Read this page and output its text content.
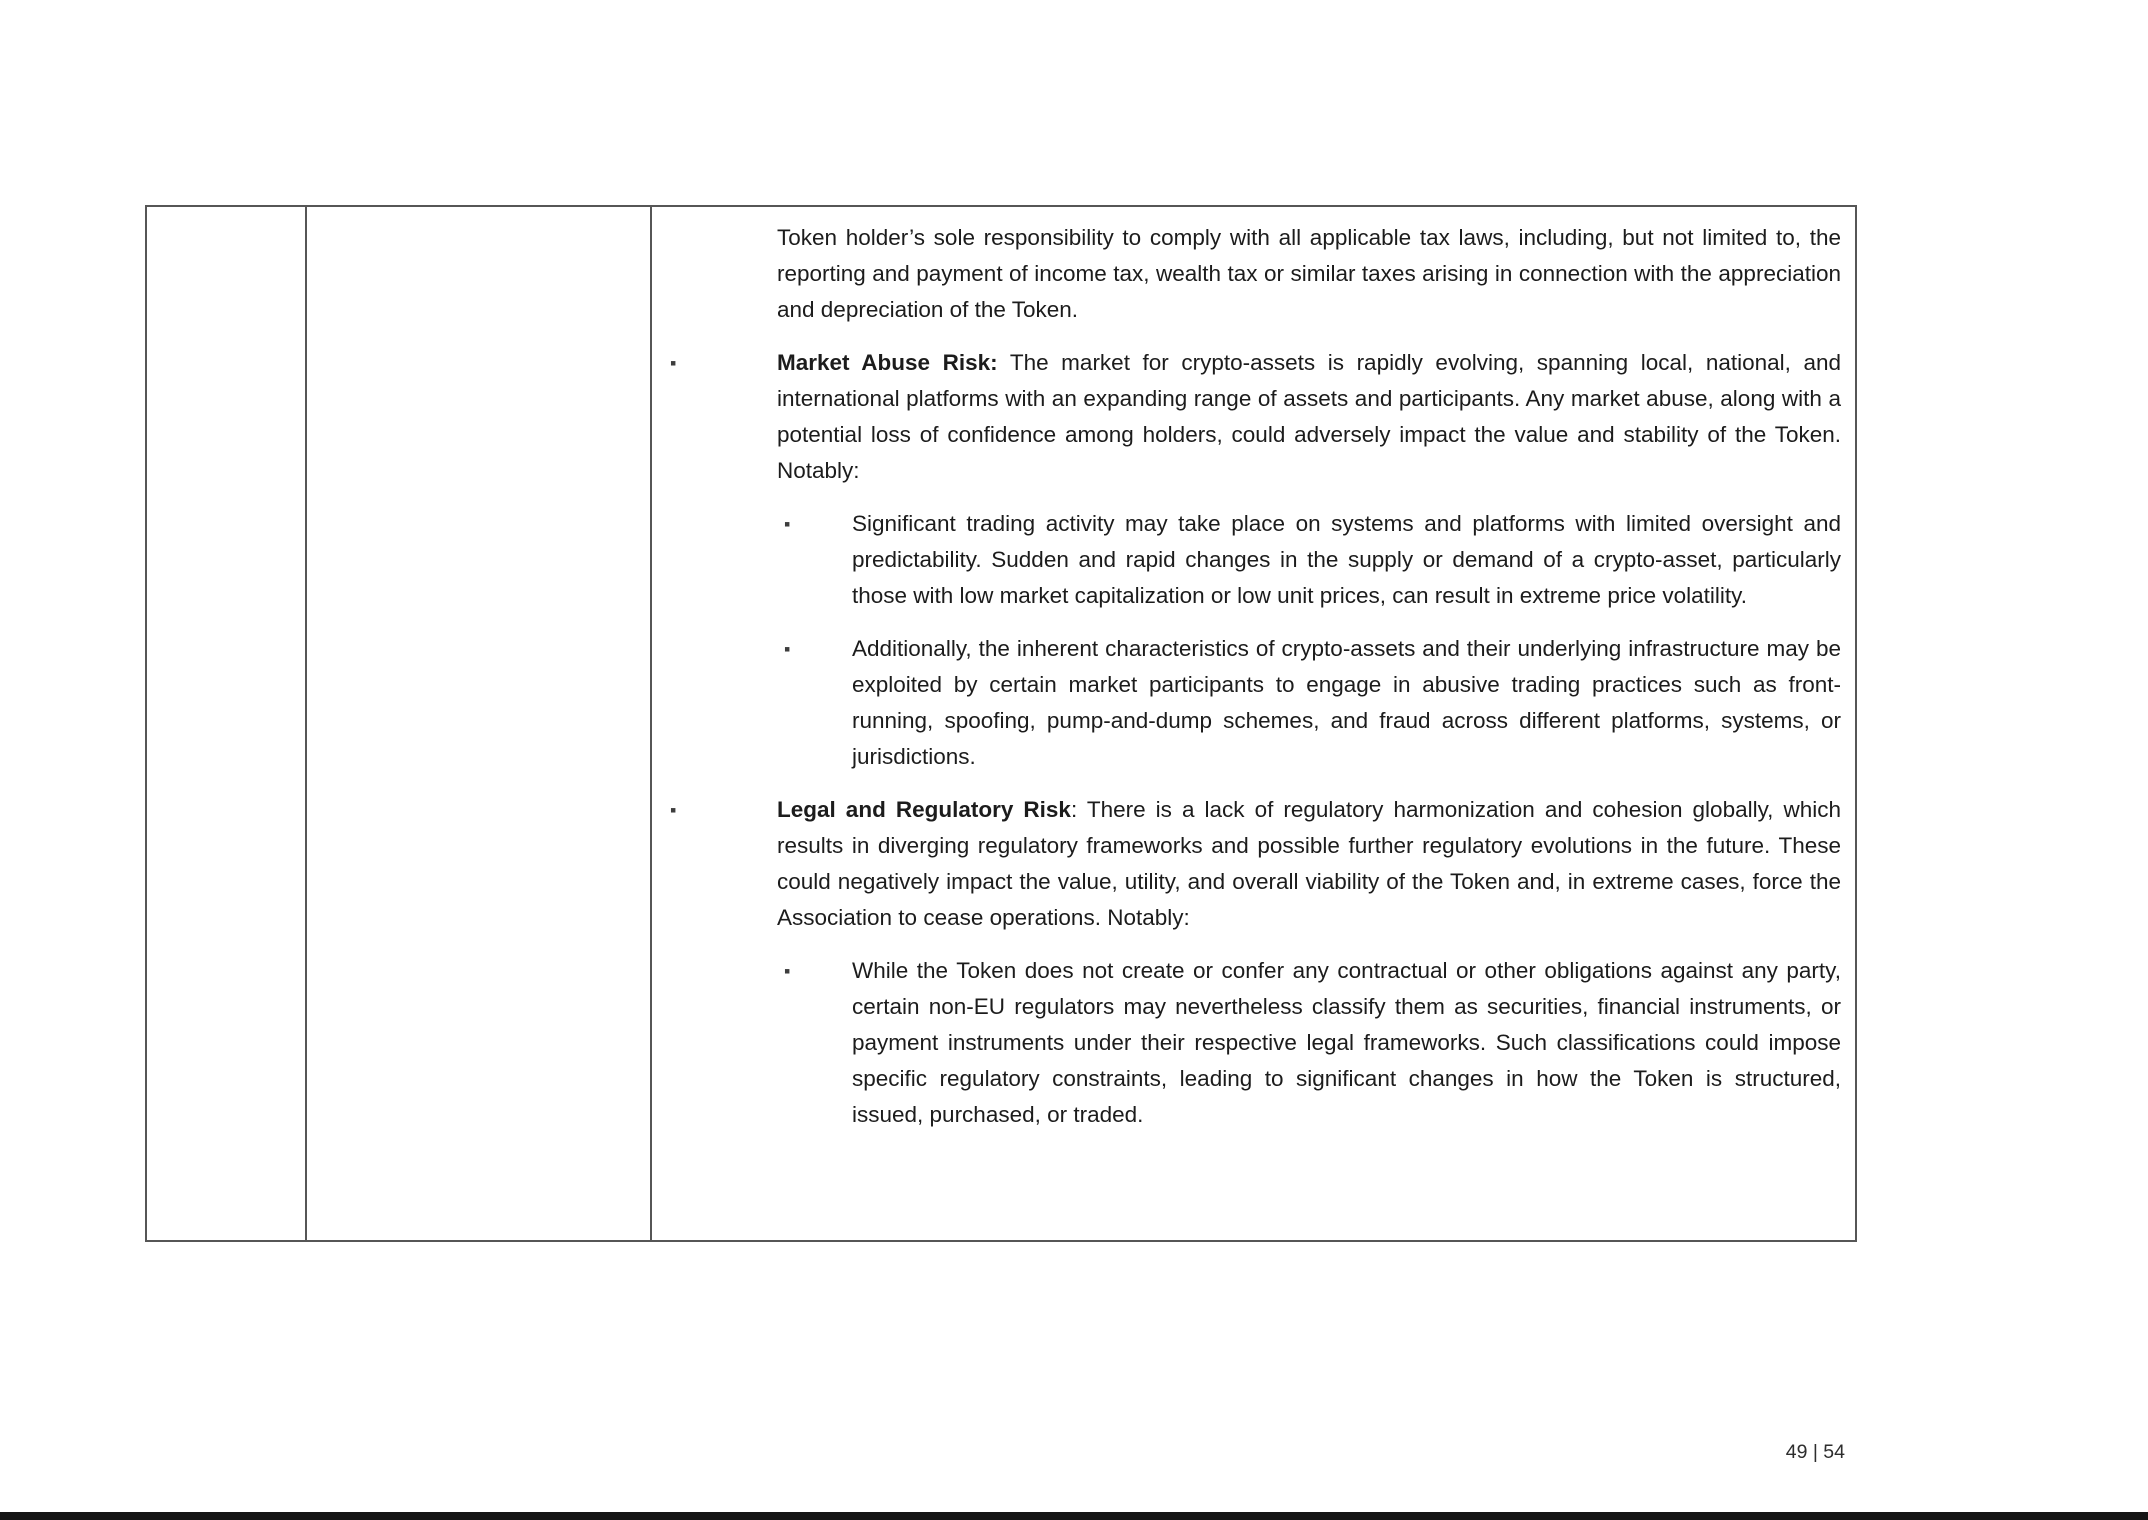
Token holder’s sole responsibility to comply with all applicable tax laws, including, but not limited to, the reporting and payment of income tax, wealth tax or similar taxes arising in connection with the appreciation and depreciation of the Token.

▪	Market Abuse Risk: The market for crypto-assets is rapidly evolving, spanning local, national, and international platforms with an expanding range of assets and participants. Any market abuse, along with a potential loss of confidence among holders, could adversely impact the value and stability of the Token. Notably:

▪	Significant trading activity may take place on systems and platforms with limited oversight and predictability. Sudden and rapid changes in the supply or demand of a crypto-asset, particularly those with low market capitalization or low unit prices, can result in extreme price volatility.

▪	Additionally, the inherent characteristics of crypto-assets and their underlying infrastructure may be exploited by certain market participants to engage in abusive trading practices such as front-running, spoofing, pump-and-dump schemes, and fraud across different platforms, systems, or jurisdictions.

▪	Legal and Regulatory Risk: There is a lack of regulatory harmonization and cohesion globally, which results in diverging regulatory frameworks and possible further regulatory evolutions in the future. These could negatively impact the value, utility, and overall viability of the Token and, in extreme cases, force the Association to cease operations. Notably:

▪	While the Token does not create or confer any contractual or other obligations against any party, certain non-EU regulators may nevertheless classify them as securities, financial instruments, or payment instruments under their respective legal frameworks. Such classifications could impose specific regulatory constraints, leading to significant changes in how the Token is structured, issued, purchased, or traded.

49 | 54
